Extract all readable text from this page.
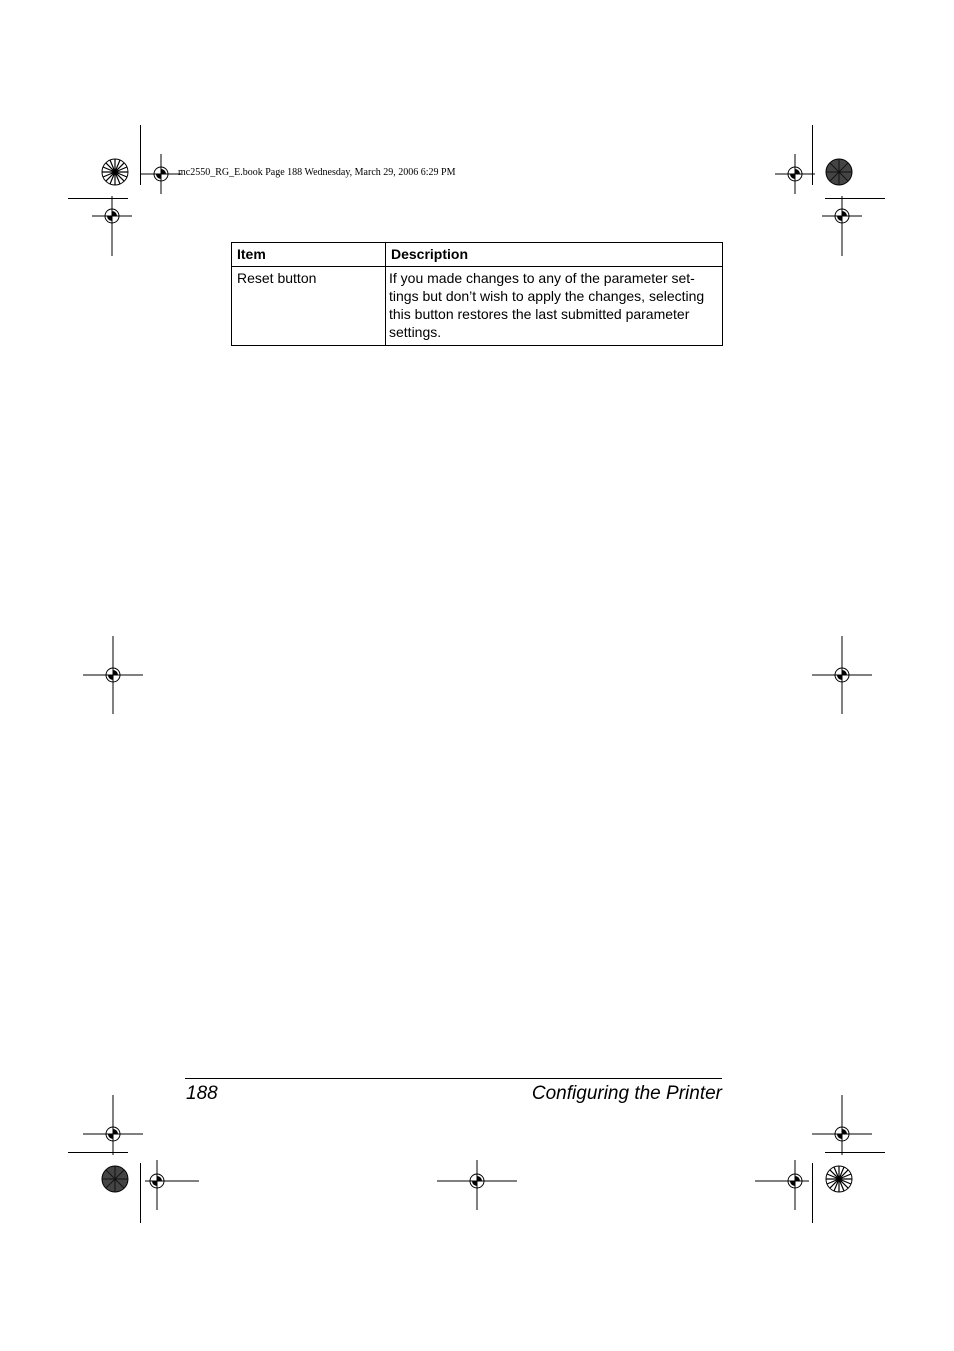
mc2550_RG_E.book Page 188 Wednesday, March 29, 2006 6:29 PM
Item	Description
Reset button	If you made changes to any of the parameter set-
tings but don’t wish to apply the changes, selecting
this button restores the last submitted parameter
settings.
188	Configuring the Printer
